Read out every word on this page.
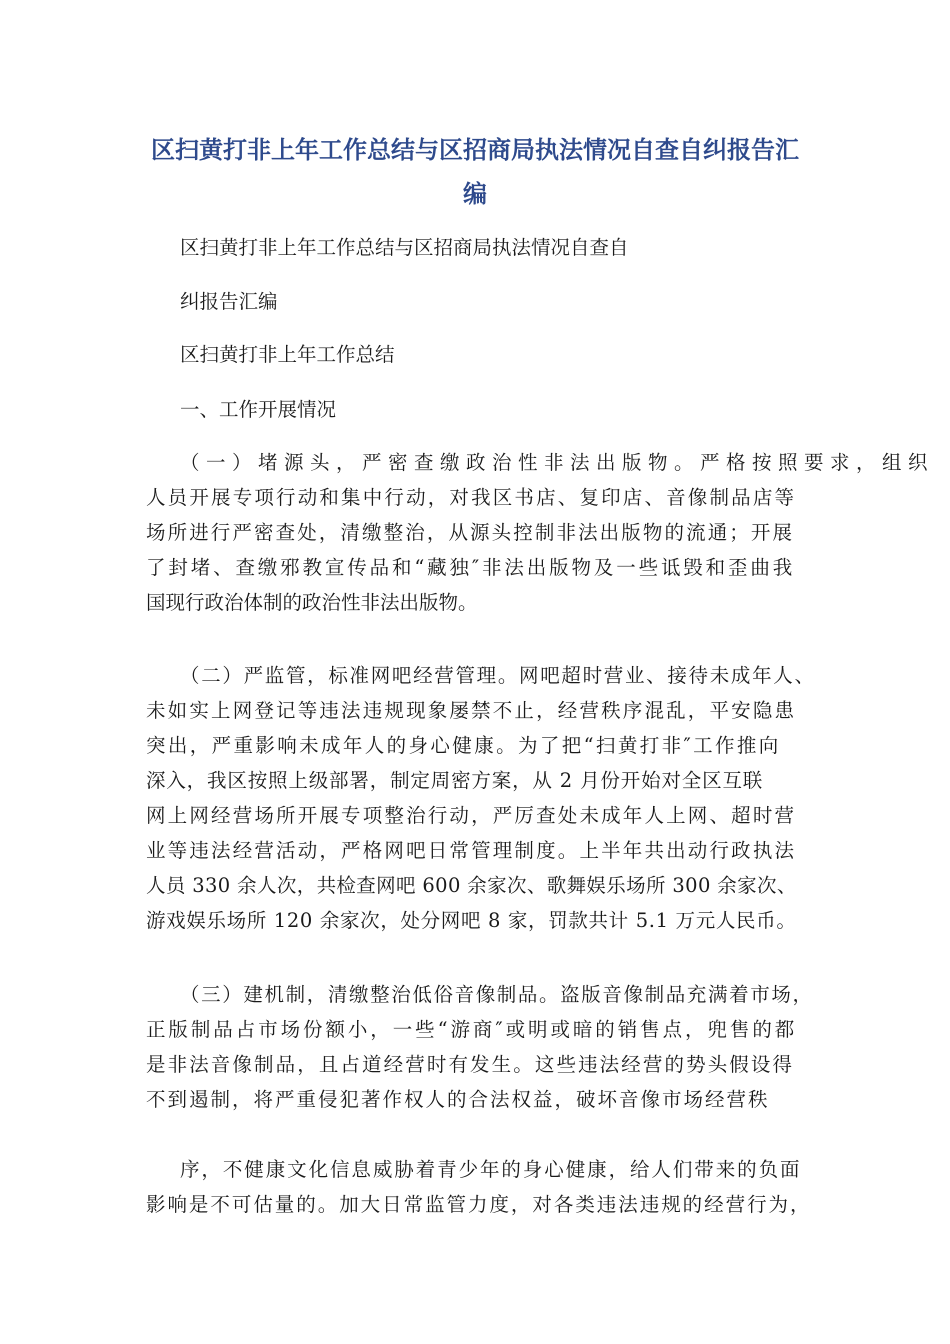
区扫黄打非上年工作总结与区招商局执法情况自查自纠报告汇编

区扫黄打非上年工作总结与区招商局执法情况自查自

纠报告汇编

区扫黄打非上年工作总结

一、工作开展情况

（一）堵源头，严密查缴政治性非法出版物。严格按照要求，组织

人员开展专项行动和集中行动，对我区书店、复印店、音像制品店等

场所进行严密查处，清缴整治，从源头控制非法出版物的流通；开展

了封堵、查缴邪教宣传品和“藏独″非法出版物及一些诋毁和歪曲我

国现行政治体制的政治性非法出版物。

（二）严监管，标准网吧经营管理。网吧超时营业、接待未成年人、

未如实上网登记等违法违规现象屡禁不止，经营秩序混乱，平安隐患

突出，严重影响未成年人的身心健康。为了把“扫黄打非″工作推向

深入，我区按照上级部署，制定周密方案，从 2 月份开始对全区互联

网上网经营场所开展专项整治行动，严厉查处未成年人上网、超时营

业等违法经营活动，严格网吧日常管理制度。上半年共出动行政执法

人员 330 余人次，共检查网吧 600 余家次、歌舞娱乐场所 300 余家次、

游戏娱乐场所 120 余家次，处分网吧 8 家，罚款共计 5.1 万元人民币。

（三）建机制，清缴整治低俗音像制品。盗版音像制品充满着市场，

正版制品占市场份额小，一些“游商″或明或暗的销售点，兜售的都

是非法音像制品，且占道经营时有发生。这些违法经营的势头假设得

不到遏制，将严重侵犯著作权人的合法权益，破坏音像市场经营秩

序，不健康文化信息威胁着青少年的身心健康，给人们带来的负面

影响是不可估量的。加大日常监管力度，对各类违法违规的经营行为，
